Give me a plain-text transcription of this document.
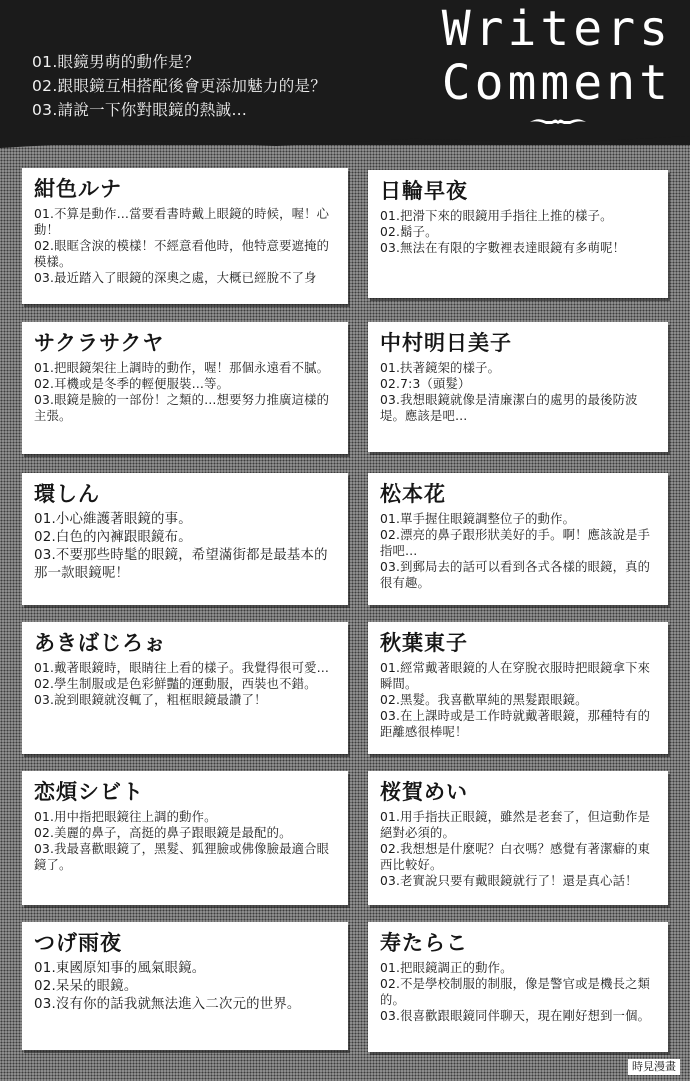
01.眼鏡男萌的動作是？
02.跟眼鏡互相搭配後會更添加魅力的是？
03.請說一下你對眼鏡的熱誠…
Writers
Comment
紺色ルナ

01.不算是動作…當要看書時戴上眼鏡的時候，喔！心動！

02.眼眶含淚的模樣！不經意看他時，他特意要遮掩的模樣。

03.最近踏入了眼鏡的深奧之處，大概已經脫不了身

サクラサクヤ

01.把眼鏡架往上調時的動作，喔！那個永遠看不膩。

02.耳機或是冬季的輕便服裝…等。

03.眼鏡是臉的一部份！之類的…想要努力推廣這樣的主張。

環しん

01.小心維護著眼鏡的事。

02.白色的內褲跟眼鏡布。

03.不要那些時髦的眼鏡，希望滿街都是最基本的那一款眼鏡呢！

あきばじろぉ

01.戴著眼鏡時，眼睛往上看的樣子。我覺得很可愛…

02.學生制服或是色彩鮮豔的運動服，西裝也不錯。

03.說到眼鏡就沒輒了，粗框眼鏡最讚了！

恋煩シビト

01.用中指把眼鏡往上調的動作。

02.美麗的鼻子，高挺的鼻子跟眼鏡是最配的。

03.我最喜歡眼鏡了，黑髮、狐狸臉或佛像臉最適合眼鏡了。

つげ雨夜

01.東國原知事的風氣眼鏡。

02.呆呆的眼鏡。

03.沒有你的話我就無法進入二次元的世界。

日輪早夜

01.把滑下來的眼鏡用手指往上推的樣子。

02.鬍子。

03.無法在有限的字數裡表達眼鏡有多萌呢！

中村明日美子

01.扶著鏡架的樣子。

02.7:3（頭髮）

03.我想眼鏡就像是清廉潔白的處男的最後防波堤。應該是吧…

松本花

01.單手握住眼鏡調整位子的動作。

02.漂亮的鼻子跟形狀美好的手。啊！應該說是手指吧…

03.到郵局去的話可以看到各式各樣的眼鏡，真的很有趣。

秋葉東子

01.經常戴著眼鏡的人在穿脫衣服時把眼鏡拿下來瞬間。

02.黑髮。我喜歡單純的黑髮跟眼鏡。

03.在上課時或是工作時就戴著眼鏡，那種特有的距離感很棒呢！

桜賀めい

01.用手指扶正眼鏡，雖然是老套了，但這動作是絕對必須的。

02.我想想是什麼呢？白衣嗎？感覺有著潔癖的東西比較好。

03.老實說只要有戴眼鏡就行了！還是真心話！

寿たらこ

01.把眼鏡調正的動作。

02.不是學校制服的制服，像是警官或是機長之類的。

03.很喜歡跟眼鏡同伴聊天，現在剛好想到一個。

時見漫畫
